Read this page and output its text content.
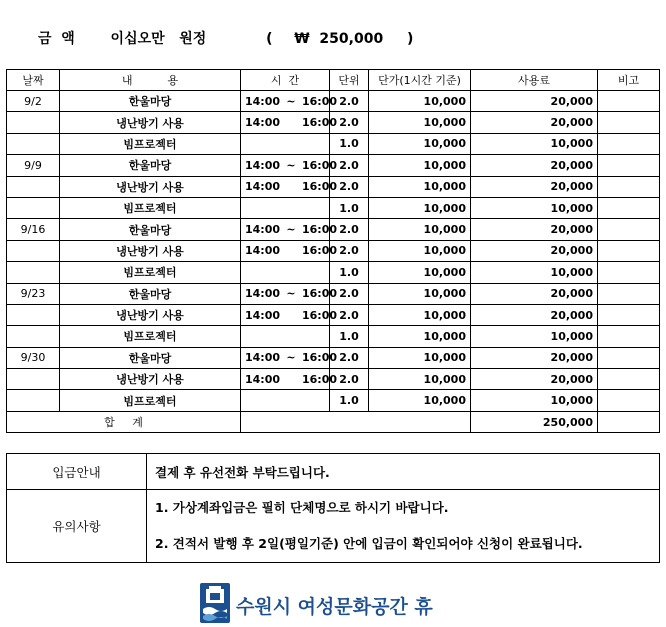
금  액	이십오만   원정	( ₩  250,000 )
날짜	내          용	시  간	단위	단가(1시간 기준)	사용료	비고
9/2	한울마당	14:00 ~ 16:00	2.0	10,000	20,000	
	냉난방기 사용	14:00 16:00	2.0	10,000	20,000	
	빔프로젝터		1.0	10,000	10,000	
9/9	한울마당	14:00 ~ 16:00	2.0	10,000	20,000	
	냉난방기 사용	14:00 16:00	2.0	10,000	20,000	
	빔프로젝터		1.0	10,000	10,000	
9/16	한울마당	14:00 ~ 16:00	2.0	10,000	20,000	
	냉난방기 사용	14:00 16:00	2.0	10,000	20,000	
	빔프로젝터		1.0	10,000	10,000	
9/23	한울마당	14:00 ~ 16:00	2.0	10,000	20,000	
	냉난방기 사용	14:00 16:00	2.0	10,000	20,000	
	빔프로젝터		1.0	10,000	10,000	
9/30	한울마당	14:00 ~ 16:00	2.0	10,000	20,000	
	냉난방기 사용	14:00 16:00	2.0	10,000	20,000	
	빔프로젝터		1.0	10,000	10,000	
합     계					250,000	
입금안내	결제 후 유선전화 부탁드립니다.
유의사항	1. 가상계좌입금은 필히 단체명으로 하시기 바랍니다.
2. 견적서 발행 후 2일(평일기준) 안에 입금이 확인되어야 신청이 완료됩니다.
수원시 여성문화공간 휴
